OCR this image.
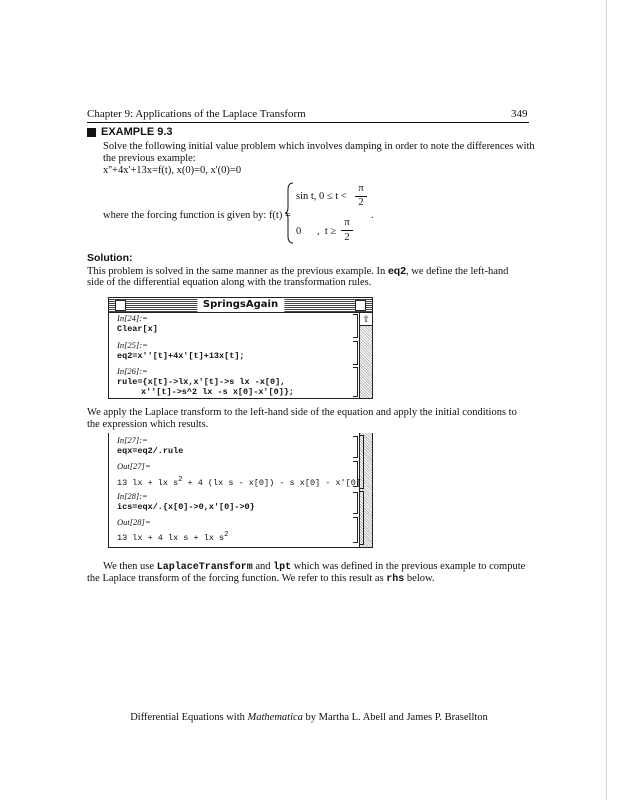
Chapter 9: Applications of the Laplace Transform	349
EXAMPLE 9.3
Solve the following initial value problem which involves damping in order to note the differences with
the previous example:
x''+4x'+13x=f(t), x(0)=0, x'(0)=0
where the forcing function is given by: f(t) =
sin t, 0 ≤ t <
π
2
.
0      ,  t ≥
π
2
Solution:
This problem is solved in the same manner as the previous example. In eq2, we define the left-hand
side of the differential equation along with the transformation rules.
SpringsAgain
⇧
In[24]:=
Clear[x]
In[25]:=
eq2=x''[t]+4x'[t]+13x[t];
In[26]:=
rule={x[t]->lx,x'[t]->s lx -x[0],
x''[t]->s^2 lx -s x[0]-x'[0]};
We apply the Laplace transform to the left-hand side of the equation and apply the initial conditions to
the expression which results.
In[27]:=
eqx=eq2/.rule
Out[27]=
13 lx + lx $s^2 + 4$ (lx s - x[0]) - s x[0] - x'[0]
In[28]:=
ics=eqx/.{x[0]->0,x'[0]->0}
Out[28]=
13 lx + 4 lx s + lx $s^2$
We then use LaplaceTransform and lpt which was defined in the previous example to compute
the Laplace transform of the forcing function. We refer to this result as rhs below.
Differential Equations with Mathematica by Martha L. Abell and James P. Brasellton
